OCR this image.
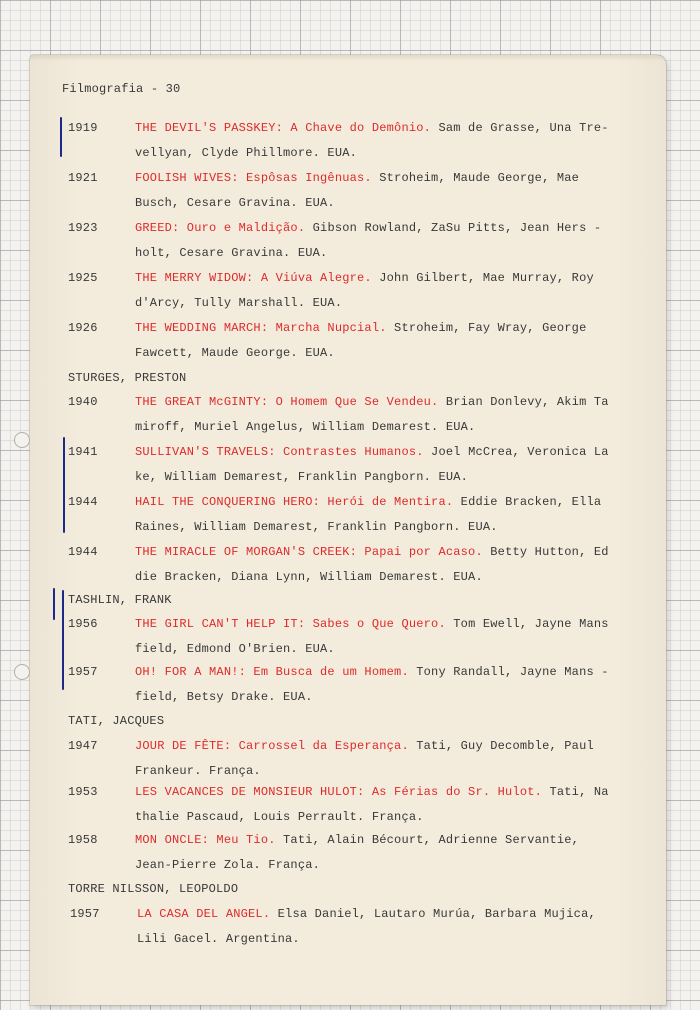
Filmografia - 30
1919	THE DEVIL'S PASSKEY: A Chave do Demônio. Sam de Grasse, Una Tre-
vellyan, Clyde Phillmore. EUA.
1921	FOOLISH WIVES: Espôsas Ingênuas. Stroheim, Maude George, Mae
Busch, Cesare Gravina. EUA.
1923	GREED: Ouro e Maldição. Gibson Rowland, ZaSu Pitts, Jean Hers -
holt, Cesare Gravina. EUA.
1925	THE MERRY WIDOW: A Viúva Alegre. John Gilbert, Mae Murray, Roy
d'Arcy, Tully Marshall. EUA.
1926	THE WEDDING MARCH: Marcha Nupcial. Stroheim, Fay Wray, George
Fawcett, Maude George. EUA.
STURGES, PRESTON
1940	THE GREAT McGINTY: O Homem Que Se Vendeu. Brian Donlevy, Akim Ta
miroff, Muriel Angelus, William Demarest. EUA.
1941	SULLIVAN'S TRAVELS: Contrastes Humanos. Joel McCrea, Veronica La
ke, William Demarest, Franklin Pangborn. EUA.
1944	HAIL THE CONQUERING HERO: Herói de Mentira. Eddie Bracken, Ella
Raines, William Demarest, Franklin Pangborn. EUA.
1944	THE MIRACLE OF MORGAN'S CREEK: Papai por Acaso. Betty Hutton, Ed
die Bracken, Diana Lynn, William Demarest. EUA.
TASHLIN, FRANK
1956	THE GIRL CAN'T HELP IT: Sabes o Que Quero. Tom Ewell, Jayne Mans
field, Edmond O'Brien. EUA.
1957	OH! FOR A MAN!: Em Busca de um Homem. Tony Randall, Jayne Mans -
field, Betsy Drake. EUA.
TATI, JACQUES
1947	JOUR DE FÊTE: Carrossel da Esperança. Tati, Guy Decomble, Paul
Frankeur. França.
1953	LES VACANCES DE MONSIEUR HULOT: As Férias do Sr. Hulot. Tati, Na
thalie Pascaud, Louis Perrault. França.
1958	MON ONCLE: Meu Tio. Tati, Alain Bécourt, Adrienne Servantie,
Jean-Pierre Zola. França.
TORRE NILSSON, LEOPOLDO
1957	LA CASA DEL ANGEL. Elsa Daniel, Lautaro Murúa, Barbara Mujica,
Lili Gacel. Argentina.
